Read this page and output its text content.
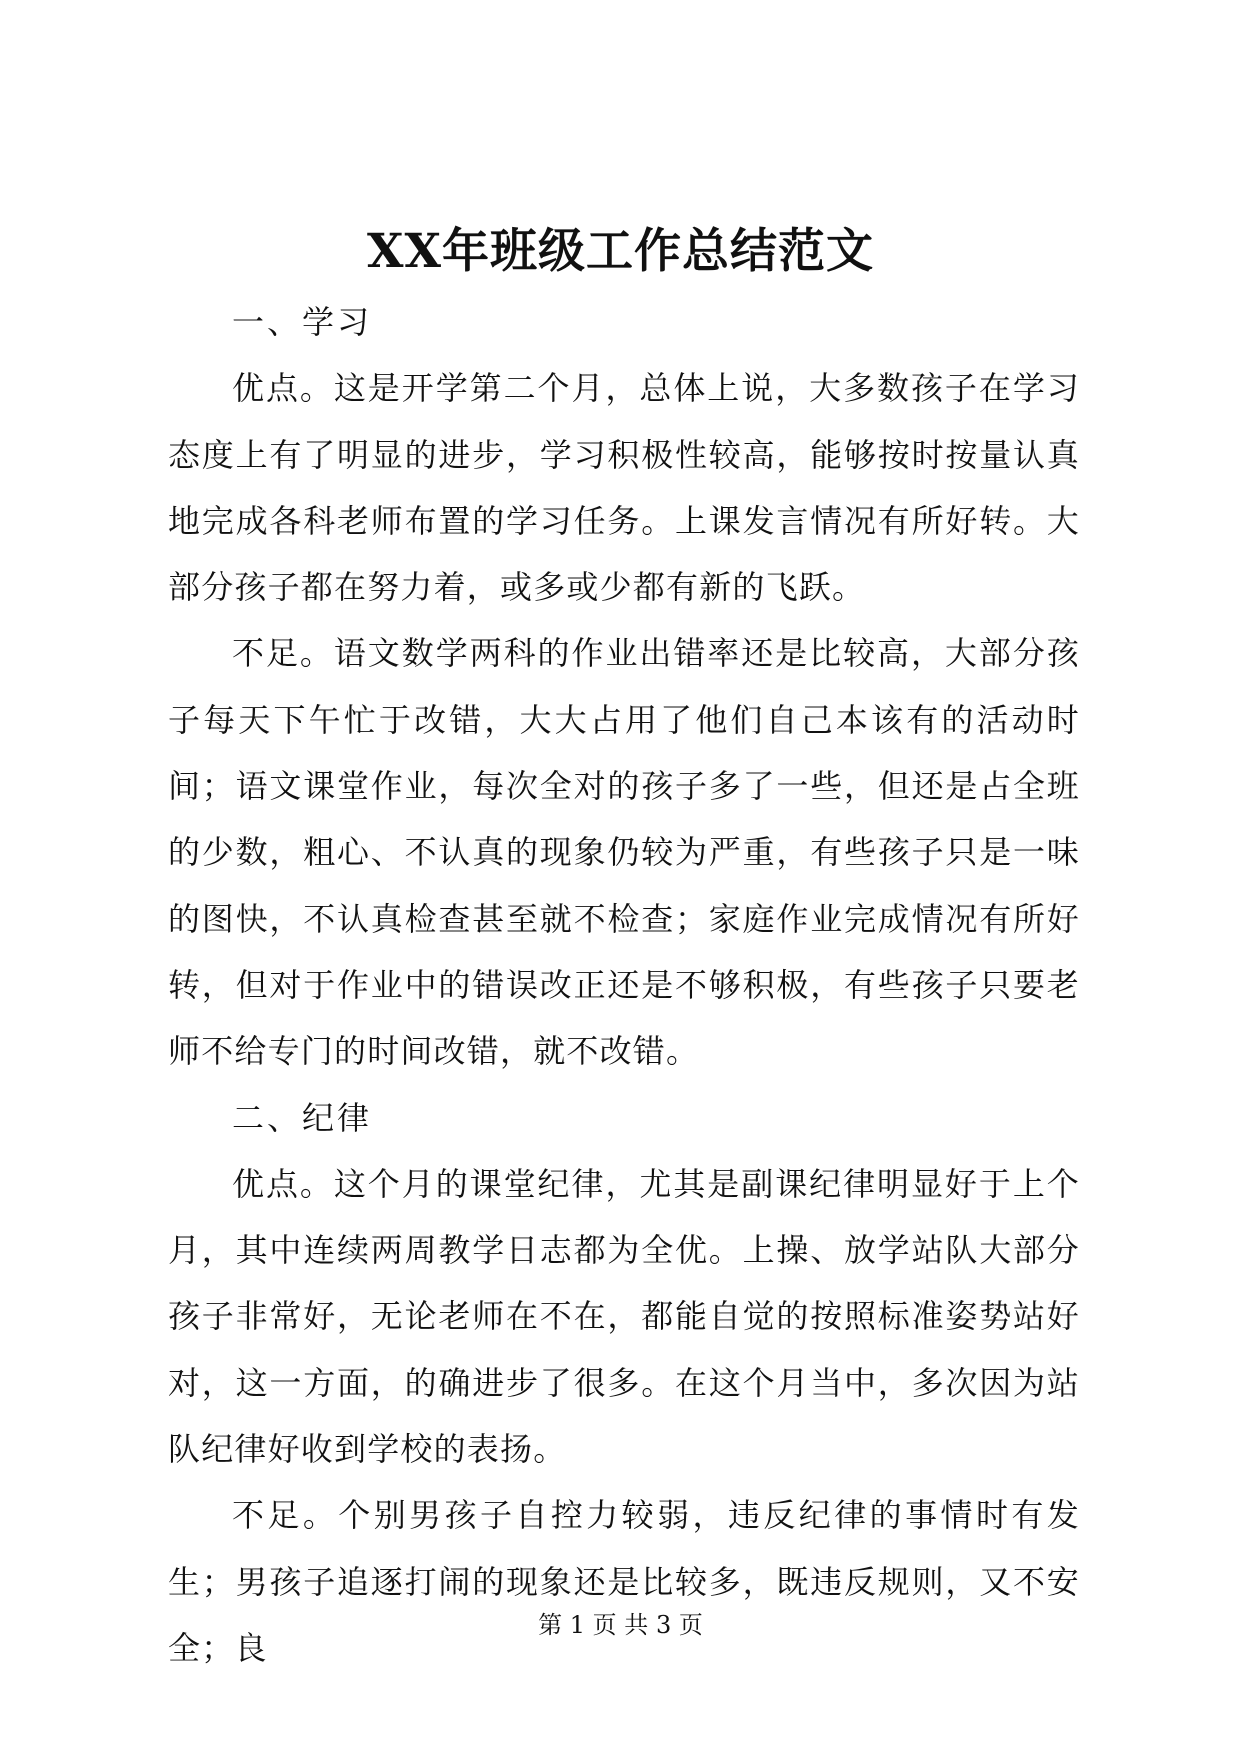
XX年班级工作总结范文

一、学习

优点。这是开学第二个月，总体上说，大多数孩子在学习态度上有了明显的进步，学习积极性较高，能够按时按量认真地完成各科老师布置的学习任务。上课发言情况有所好转。大部分孩子都在努力着，或多或少都有新的飞跃。

不足。语文数学两科的作业出错率还是比较高，大部分孩子每天下午忙于改错，大大占用了他们自己本该有的活动时间；语文课堂作业，每次全对的孩子多了一些，但还是占全班的少数，粗心、不认真的现象仍较为严重，有些孩子只是一味的图快，不认真检查甚至就不检查；家庭作业完成情况有所好转，但对于作业中的错误改正还是不够积极，有些孩子只要老师不给专门的时间改错，就不改错。

二、纪律

优点。这个月的课堂纪律，尤其是副课纪律明显好于上个月，其中连续两周教学日志都为全优。上操、放学站队大部分孩子非常好，无论老师在不在，都能自觉的按照标准姿势站好对，这一方面，的确进步了很多。在这个月当中，多次因为站队纪律好收到学校的表扬。

不足。个别男孩子自控力较弱，违反纪律的事情时有发生；男孩子追逐打闹的现象还是比较多，既违反规则，又不安全；良

第 1 页 共 3 页
